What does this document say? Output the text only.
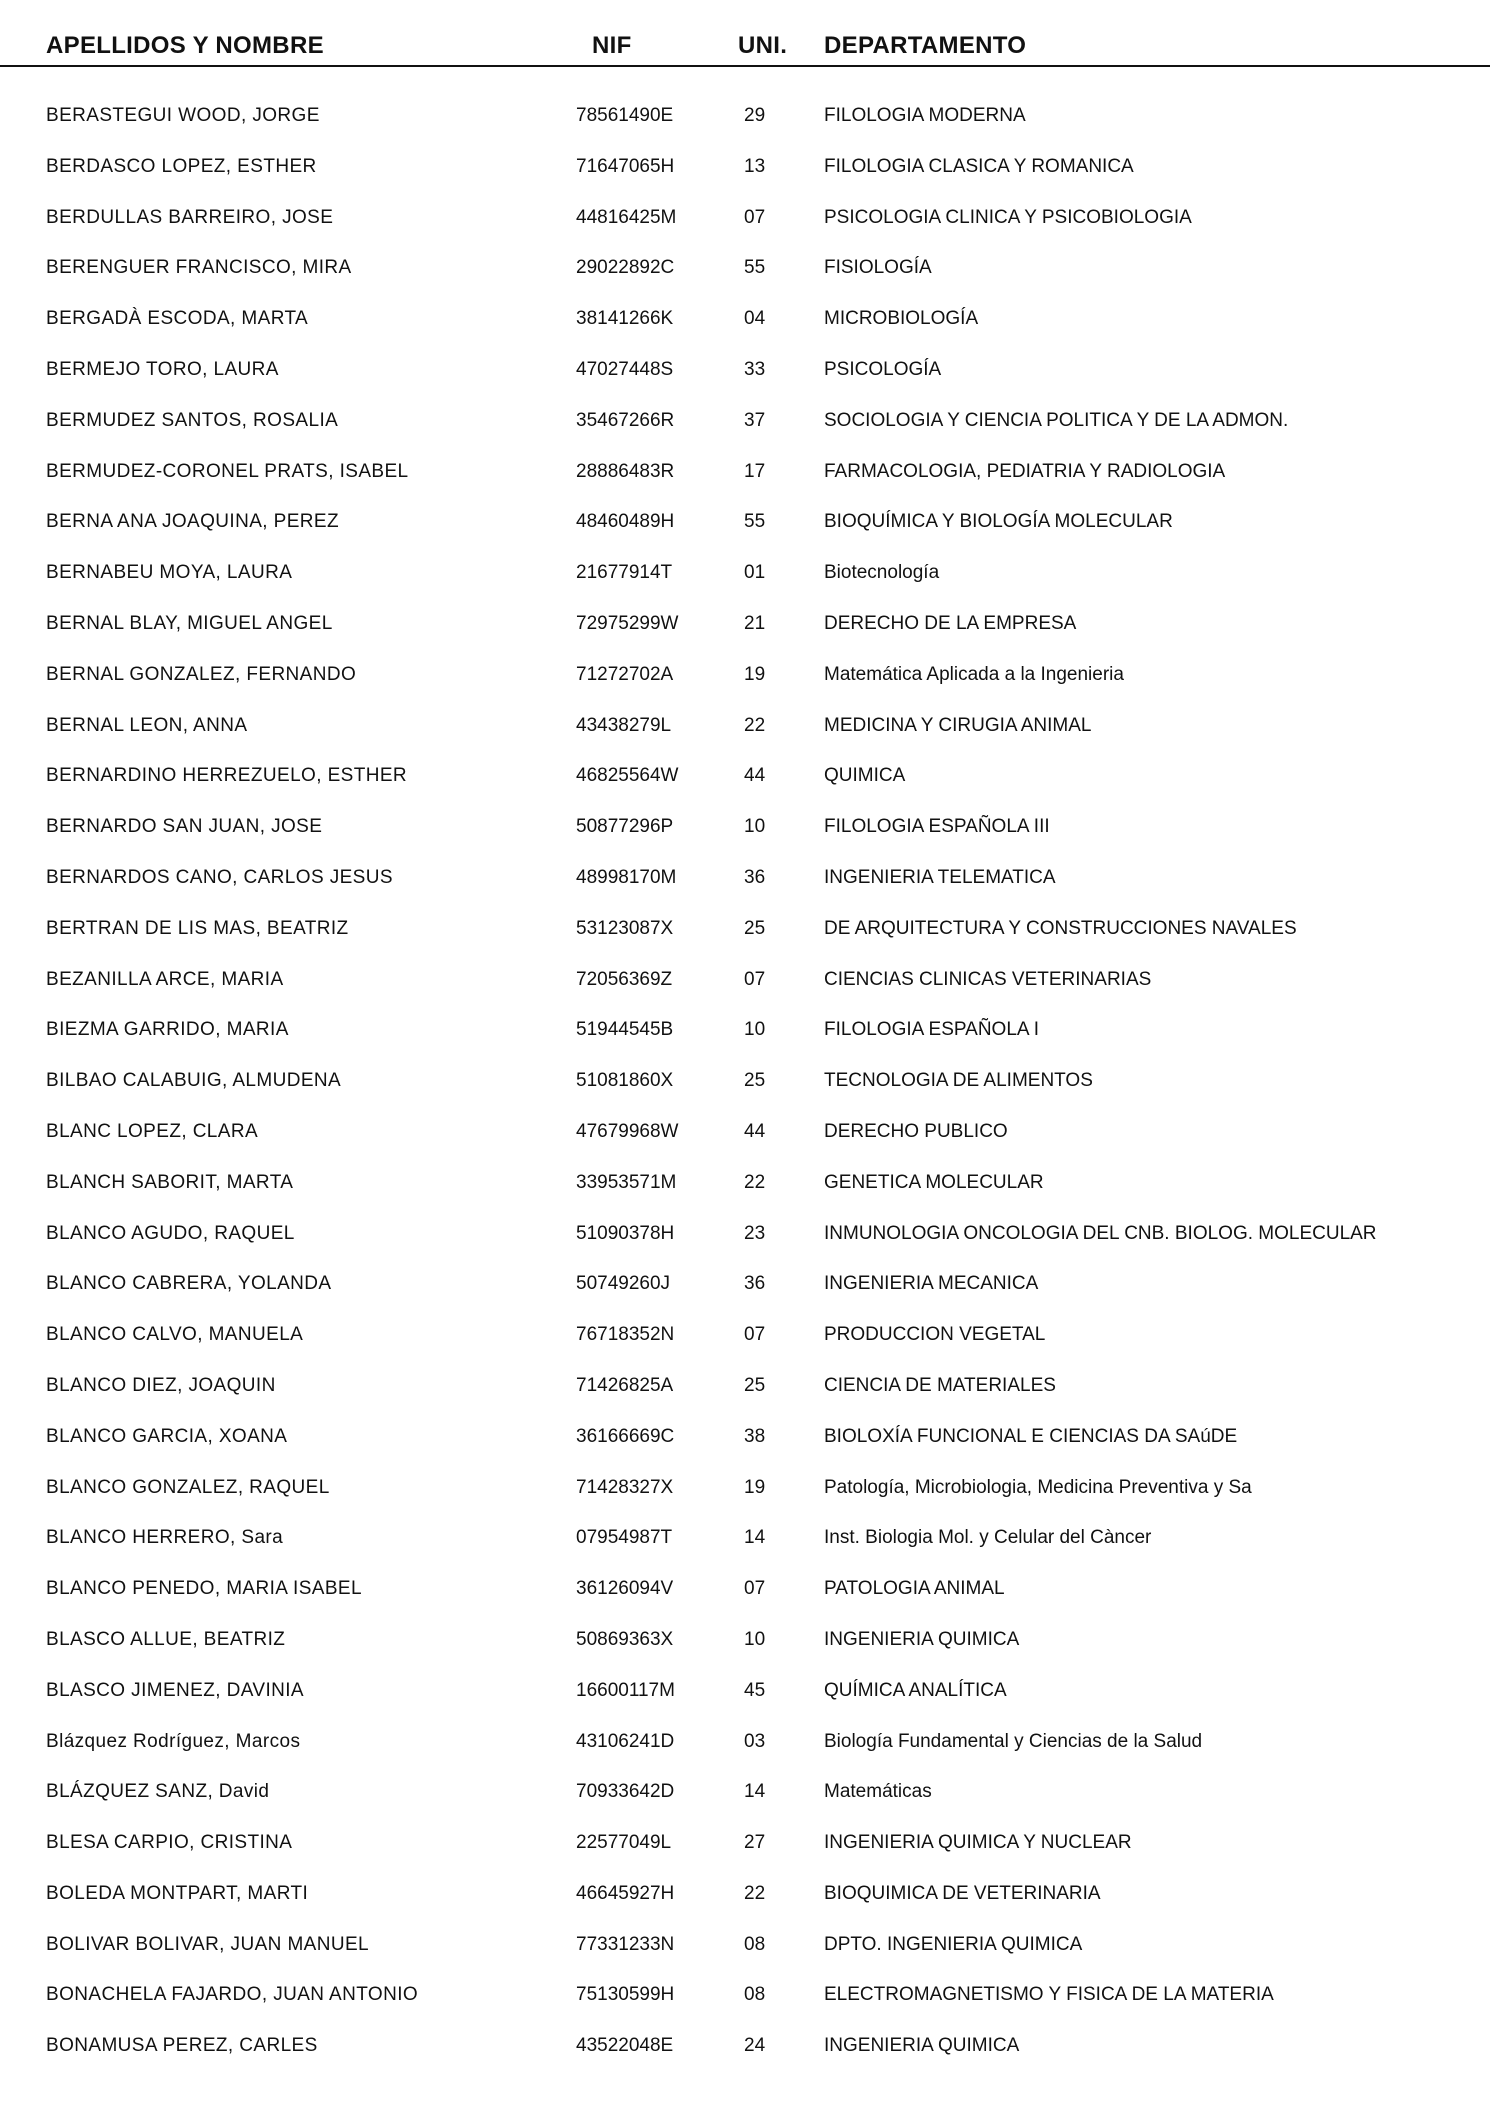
APELLIDOS Y NOMBRE	NIF	UNI. DEPARTAMENTO
BERASTEGUI WOOD, JORGE	78561490E	29	FILOLOGIA MODERNA
BERDASCO LOPEZ, ESTHER	71647065H	13	FILOLOGIA CLASICA Y ROMANICA
BERDULLAS BARREIRO, JOSE	44816425M	07	PSICOLOGIA CLINICA Y PSICOBIOLOGIA
BERENGUER FRANCISCO, MIRA	29022892C	55	FISIOLOGÍA
BERGADÀ ESCODA, MARTA	38141266K	04	MICROBIOLOGÍA
BERMEJO TORO, LAURA	47027448S	33	PSICOLOGÍA
BERMUDEZ SANTOS, ROSALIA	35467266R	37	SOCIOLOGIA Y CIENCIA POLITICA Y DE LA ADMON.
BERMUDEZ-CORONEL PRATS, ISABEL	28886483R	17	FARMACOLOGIA, PEDIATRIA Y RADIOLOGIA
BERNA ANA JOAQUINA, PEREZ	48460489H	55	BIOQUÍMICA Y BIOLOGÍA MOLECULAR
BERNABEU MOYA, LAURA	21677914T	01	Biotecnología
BERNAL BLAY, MIGUEL ANGEL	72975299W	21	DERECHO DE LA EMPRESA
BERNAL GONZALEZ, FERNANDO	71272702A	19	Matemática Aplicada a la Ingenieria
BERNAL LEON, ANNA	43438279L	22	MEDICINA Y CIRUGIA ANIMAL
BERNARDINO HERREZUELO, ESTHER	46825564W	44	QUIMICA
BERNARDO SAN JUAN, JOSE	50877296P	10	FILOLOGIA ESPAÑOLA III
BERNARDOS CANO, CARLOS JESUS	48998170M	36	INGENIERIA TELEMATICA
BERTRAN DE LIS MAS, BEATRIZ	53123087X	25	DE ARQUITECTURA Y CONSTRUCCIONES NAVALES
BEZANILLA ARCE, MARIA	72056369Z	07	CIENCIAS CLINICAS VETERINARIAS
BIEZMA GARRIDO, MARIA	51944545B	10	FILOLOGIA ESPAÑOLA I
BILBAO CALABUIG, ALMUDENA	51081860X	25	TECNOLOGIA DE ALIMENTOS
BLANC LOPEZ, CLARA	47679968W	44	DERECHO PUBLICO
BLANCH SABORIT, MARTA	33953571M	22	GENETICA MOLECULAR
BLANCO AGUDO, RAQUEL	51090378H	23	INMUNOLOGIA ONCOLOGIA DEL CNB. BIOLOG. MOLECULAR
BLANCO CABRERA, YOLANDA	50749260J	36	INGENIERIA MECANICA
BLANCO CALVO, MANUELA	76718352N	07	PRODUCCION VEGETAL
BLANCO DIEZ, JOAQUIN	71426825A	25	CIENCIA DE MATERIALES
BLANCO GARCIA, XOANA	36166669C	38	BIOLOXÍA FUNCIONAL E CIENCIAS DA SAúDE
BLANCO GONZALEZ, RAQUEL	71428327X	19	Patología, Microbiologia, Medicina Preventiva y Sa
BLANCO HERRERO, Sara	07954987T	14	Inst. Biologia Mol. y Celular del Càncer
BLANCO PENEDO, MARIA ISABEL	36126094V	07	PATOLOGIA ANIMAL
BLASCO ALLUE, BEATRIZ	50869363X	10	INGENIERIA QUIMICA
BLASCO JIMENEZ, DAVINIA	16600117M	45	QUÍMICA ANALÍTICA
Blázquez Rodríguez, Marcos	43106241D	03	Biología Fundamental y Ciencias de la Salud
BLÁZQUEZ SANZ, David	70933642D	14	Matemáticas
BLESA CARPIO, CRISTINA	22577049L	27	INGENIERIA QUIMICA Y NUCLEAR
BOLEDA MONTPART, MARTI	46645927H	22	BIOQUIMICA DE VETERINARIA
BOLIVAR BOLIVAR, JUAN MANUEL	77331233N	08	DPTO. INGENIERIA QUIMICA
BONACHELA FAJARDO, JUAN ANTONIO	75130599H	08	ELECTROMAGNETISMO Y FISICA DE LA MATERIA
BONAMUSA PEREZ, CARLES	43522048E	24	INGENIERIA QUIMICA
